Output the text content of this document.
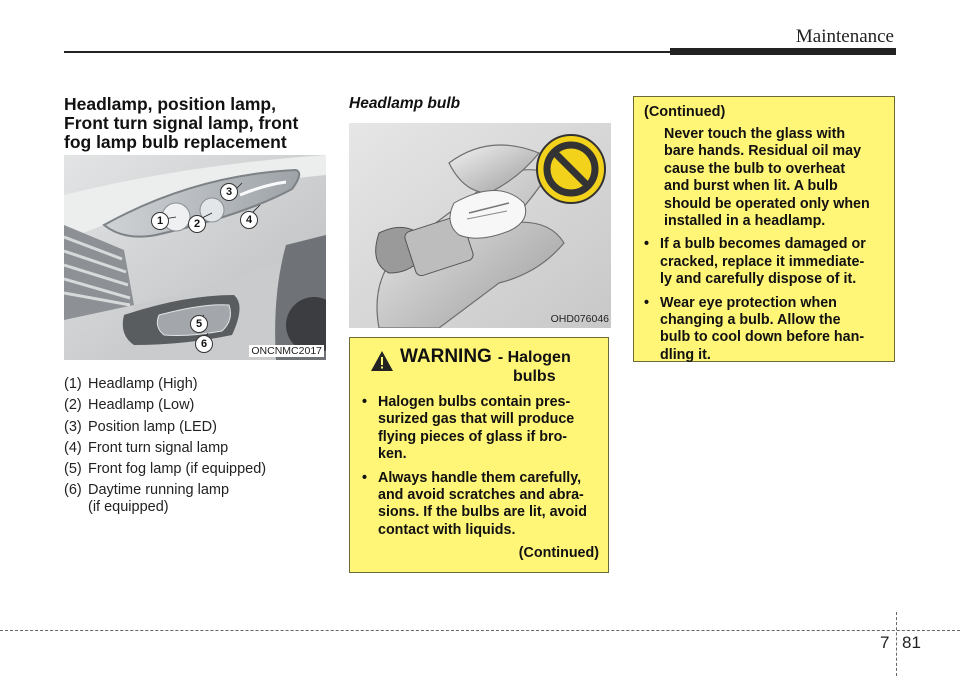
Maintenance
Headlamp, position lamp,
Front turn signal lamp, front
fog lamp bulb replacement
1	2
3
4
5
6
ONCNMC2017
(1) Headlamp (High)
(2) Headlamp (Low)
(3) Position lamp (LED)
(4) Front turn signal lamp
(5) Front fog lamp (if equipped)
(6) Daytime running lamp
(if equipped)
Headlamp bulb
OHD076046
WARNING - Halogen
bulbs
• Halogen bulbs contain pres-
surized gas that will produce
flying pieces of glass if bro-
ken.
• Always handle them carefully,
and avoid scratches and abra-
sions. If the bulbs are lit, avoid
contact with liquids.
(Continued)
(Continued)
Never touch the glass with
bare hands. Residual oil may
cause the bulb to overheat
and burst when lit. A bulb
should be operated only when
installed in a headlamp.
• If a bulb becomes damaged or
cracked, replace it immediate-
ly and carefully dispose of it.
• Wear eye protection when
changing a bulb. Allow the
bulb to cool down before han-
dling it.
7 81
